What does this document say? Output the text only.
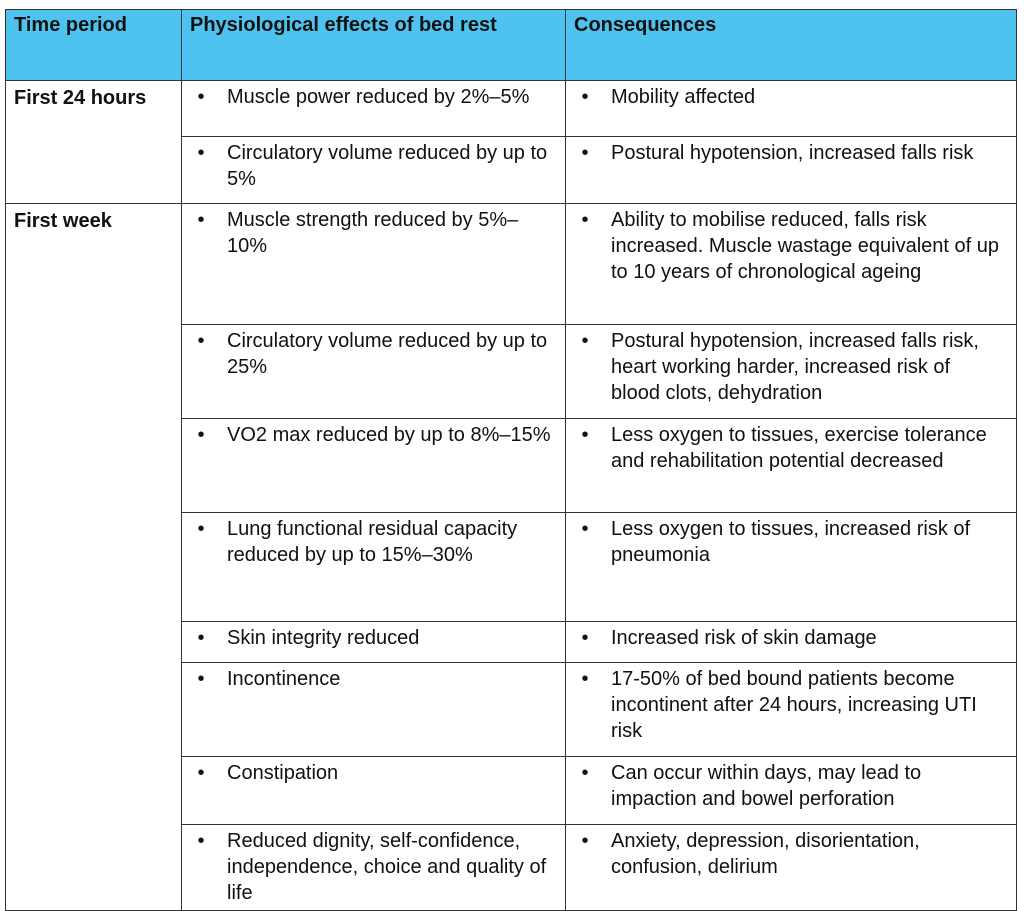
Time period	Physiological effects of bed rest	Consequences
First 24 hours	• Muscle power reduced by 2%–5%	• Mobility affected

	• Circulatory volume reduced by up to 5%	• Postural hypotension, increased falls risk

First week	• Muscle strength reduced by 5%–10%	• Ability to mobilise reduced, falls risk increased. Muscle wastage equivalent of up to 10 years of chronological ageing

	• Circulatory volume reduced by up to 25%	• Postural hypotension, increased falls risk, heart working harder, increased risk of blood clots, dehydration

	• VO2 max reduced by up to 8%–15%	• Less oxygen to tissues, exercise tolerance and rehabilitation potential decreased

	• Lung functional residual capacity reduced by up to 15%–30%	• Less oxygen to tissues, increased risk of pneumonia

	• Skin integrity reduced	• Increased risk of skin damage

	• Incontinence	• 17-50% of bed bound patients become incontinent after 24 hours, increasing UTI risk

	• Constipation	• Can occur within days, may lead to impaction and bowel perforation

	• Reduced dignity, self-confidence, independence, choice and quality of life	• Anxiety, depression, disorientation, confusion, delirium
